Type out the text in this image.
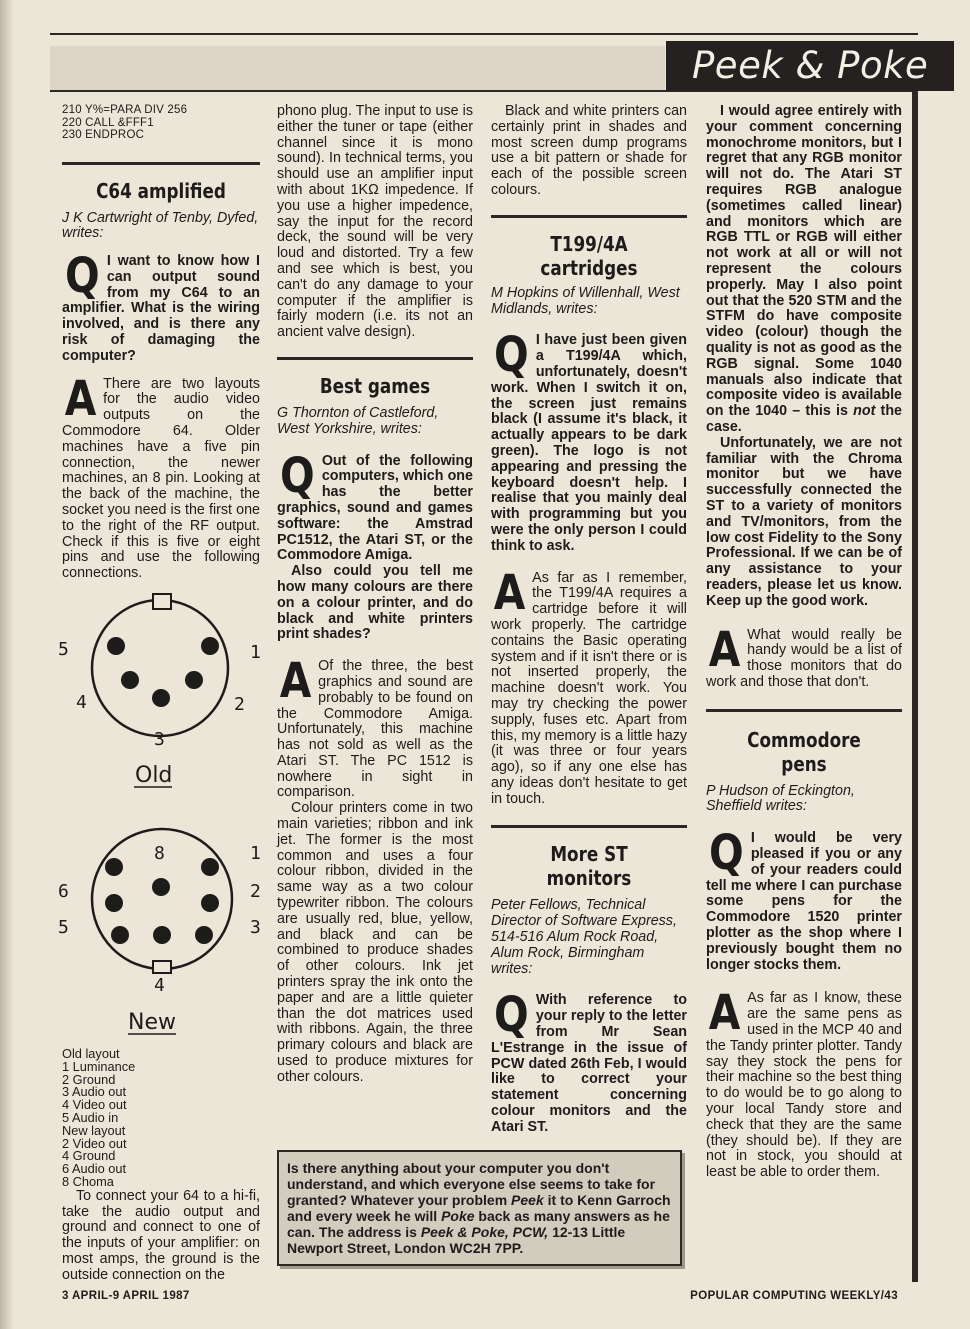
Peek & Poke
210 Y%=PARA DIV 256
220 CALL &FFF1
230 ENDPROC
C64 amplified

J K Cartwright of Tenby, Dyfed, writes:

Q I want to know how I can output sound from my C64 to an amplifier. What is the wiring involved, and is there any risk of damaging the computer?

A There are two layouts for the audio video outputs on the Commodore 64. Older machines have a five pin connection, the newer machines, an 8 pin. Looking at the back of the machine, the socket you need is the first one to the right of the RF output. Check if this is five or eight pins and use the following connections.

5	1
4	2
3
Old
8	1
6	2
5	3
4
New
Old layout
1 Luminance
2 Ground
3 Audio out
4 Video out
5 Audio in
New layout
2 Video out
4 Ground
6 Audio out
8 Choma

To connect your 64 to a hi-fi, take the audio output and ground and connect to one of the inputs of your amplifier: on most amps, the ground is the outside connection on the

phono plug. The input to use is either the tuner or tape (either channel since it is mono sound). In technical terms, you should use an amplifier input with about 1KΩ impedence. If you use a higher impedence, say the input for the record deck, the sound will be very loud and distorted. Try a few and see which is best, you can't do any damage to your computer if the amplifier is fairly modern (i.e. its not an ancient valve design).

Best games

G Thornton of Castleford, West Yorkshire, writes:

Q Out of the following computers, which one has the better graphics, sound and games software: the Amstrad PC1512, the Atari ST, or the Commodore Amiga.

Also could you tell me how many colours are there on a colour printer, and do black and white printers print shades?

A Of the three, the best graphics and sound are probably to be found on the Commodore Amiga. Unfortunately, this machine has not sold as well as the Atari ST. The PC 1512 is nowhere in sight in comparison.

Colour printers come in two main varieties; ribbon and ink jet. The former is the most common and uses a four colour ribbon, divided in the same way as a two colour typewriter ribbon. The colours are usually red, blue, yellow, and black and can be combined to produce shades of other colours. Ink jet printers spray the ink onto the paper and are a little quieter than the dot matrices used with ribbons. Again, the three primary colours and black are used to produce mixtures for other colours.

Black and white printers can certainly print in shades and most screen dump programs use a bit pattern or shade for each of the possible screen colours.

T199/4A
cartridges

M Hopkins of Willenhall, West Midlands, writes:

Q I have just been given a T199/4A which, unfortunately, doesn't work. When I switch it on, the screen just remains black (I assume it's black, it actually appears to be dark green). The logo is not appearing and pressing the keyboard doesn't help. I realise that you mainly deal with programming but you were the only person I could think to ask.

A As far as I remember, the T199/4A requires a cartridge before it will work properly. The cartridge contains the Basic operating system and if it isn't there or is not inserted properly, the machine doesn't work. You may try checking the power supply, fuses etc. Apart from this, my memory is a little hazy (it was three or four years ago), so if any one else has any ideas don't hesitate to get in touch.

More ST monitors

Peter Fellows, Technical Director of Software Express, 514-516 Alum Rock Road, Alum Rock, Birmingham writes:

Q With reference to your reply to the letter from Mr Sean L'Estrange in the issue of PCW dated 26th Feb, I would like to correct your statement concerning colour monitors and the Atari ST.

I would agree entirely with your comment concerning monochrome monitors, but I regret that any RGB monitor will not do. The Atari ST requires RGB analogue (sometimes called linear) and monitors which are RGB TTL or RGB will either not work at all or will not represent the colours properly. May I also point out that the 520 STM and the STFM do have composite video (colour) though the quality is not as good as the RGB signal. Some 1040 manuals also indicate that composite video is available on the 1040 – this is not the case.

Unfortunately, we are not familiar with the Chroma monitor but we have successfully connected the ST to a variety of monitors and TV/monitors, from the low cost Fidelity to the Sony Professional. If we can be of any assistance to your readers, please let us know. Keep up the good work.

A What would really be handy would be a list of those monitors that do work and those that don't.

Commodore pens

P Hudson of Eckington, Sheffield writes:

Q I would be very pleased if you or any of your readers could tell me where I can purchase some pens for the Commodore 1520 printer plotter as the shop where I previously bought them no longer stocks them.

A As far as I know, these are the same pens as used in the MCP 40 and the Tandy printer plotter. Tandy say they stock the pens for their machine so the best thing to do would be to go along to your local Tandy store and check that they are the same (they should be). If they are not in stock, you should at least be able to order them.

Is there anything about your computer you don't understand, and which everyone else seems to take for granted? Whatever your problem Peek it to Kenn Garroch and every week he will Poke back as many answers as he can. The address is Peek & Poke, PCW, 12-13 Little Newport Street, London WC2H 7PP.
3 APRIL-9 APRIL 1987	POPULAR COMPUTING WEEKLY/43
